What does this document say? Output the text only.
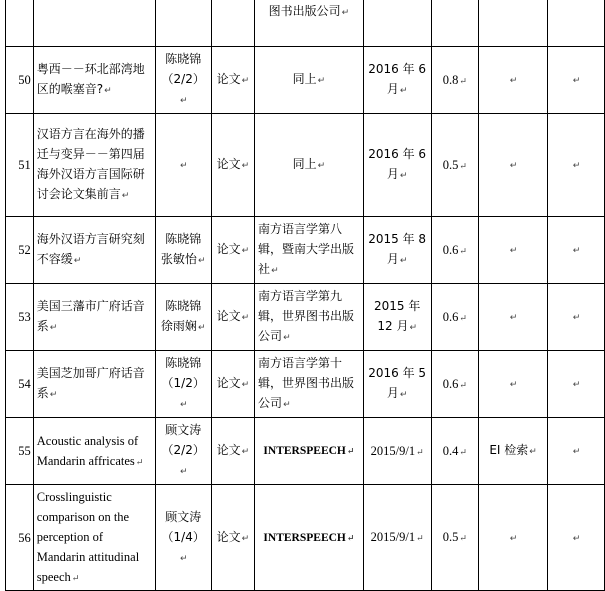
				图书出版公司↵				
50	粤西－－环北部湾地区的喉塞音?↵	陈晓锦（2/2）↵	论文↵	同上↵	2016 年 6 月↵	0.8↵	↵	↵
51	汉语方言在海外的播迁与变异－－第四届海外汉语方言国际研讨会论文集前言↵	↵	论文↵	同上↵	2016 年 6 月↵	0.5↵	↵	↵
52	海外汉语方言研究刻不容缓↵	陈晓锦 张敏怡↵	论文↵	南方语言学第八辑，暨南大学出版社↵	2015 年 8 月↵	0.6↵	↵	↵
53	美国三藩市广府话音系↵	陈晓锦 徐雨娴↵	论文↵	南方语言学第九辑，世界图书出版公司↵	2015 年 12 月↵	0.6↵	↵	↵
54	美国芝加哥广府话音系↵	陈晓锦（1/2）↵	论文↵	南方语言学第十辑，世界图书出版公司↵	2016 年 5 月↵	0.6↵	↵	↵
55	Acoustic analysis of Mandarin affricates↵	顾文涛（2/2）↵	论文↵	INTERSPEECH↵	2015/9/1↵	0.4↵	EI 检索↵	↵
56	Crosslinguistic comparison on the perception of Mandarin attitudinal speech↵	顾文涛（1/4）↵	论文↵	INTERSPEECH↵	2015/9/1↵	0.5↵	↵	↵
